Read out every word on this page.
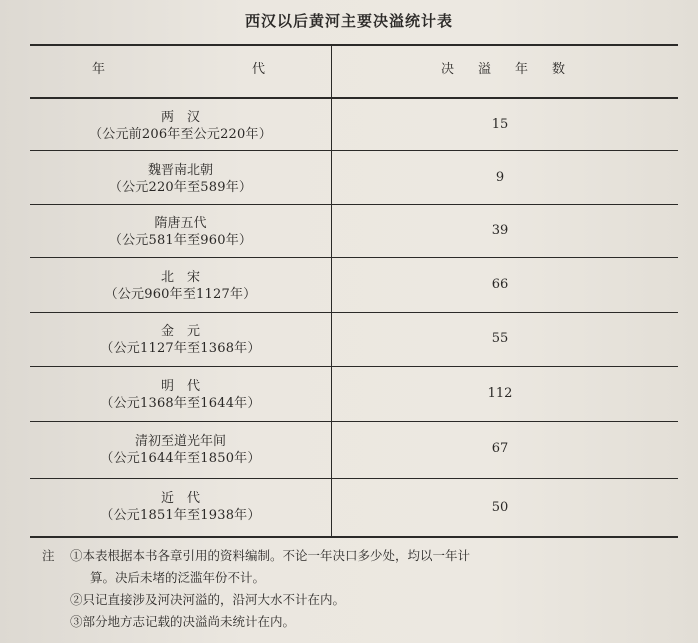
西汉以后黄河主要决溢统计表
年	代	决溢年数
两　汉
（公元前206年至公元220年）
15
魏晋南北朝
（公元220年至589年）
9
隋唐五代
（公元581年至960年）
39
北　宋
（公元960年至1127年）
66
金　元
（公元1127年至1368年）
55
明　代
（公元1368年至1644年）
112
清初至道光年间
（公元1644年至1850年）
67
近　代
（公元1851年至1938年）
50
注 ①本表根据本书各章引用的资料编制。不论一年决口多少处，均以一年计
算。决后未堵的泛滥年份不计。
②只记直接涉及河决河溢的，沿河大水不计在内。
③部分地方志记载的决溢尚未统计在内。
